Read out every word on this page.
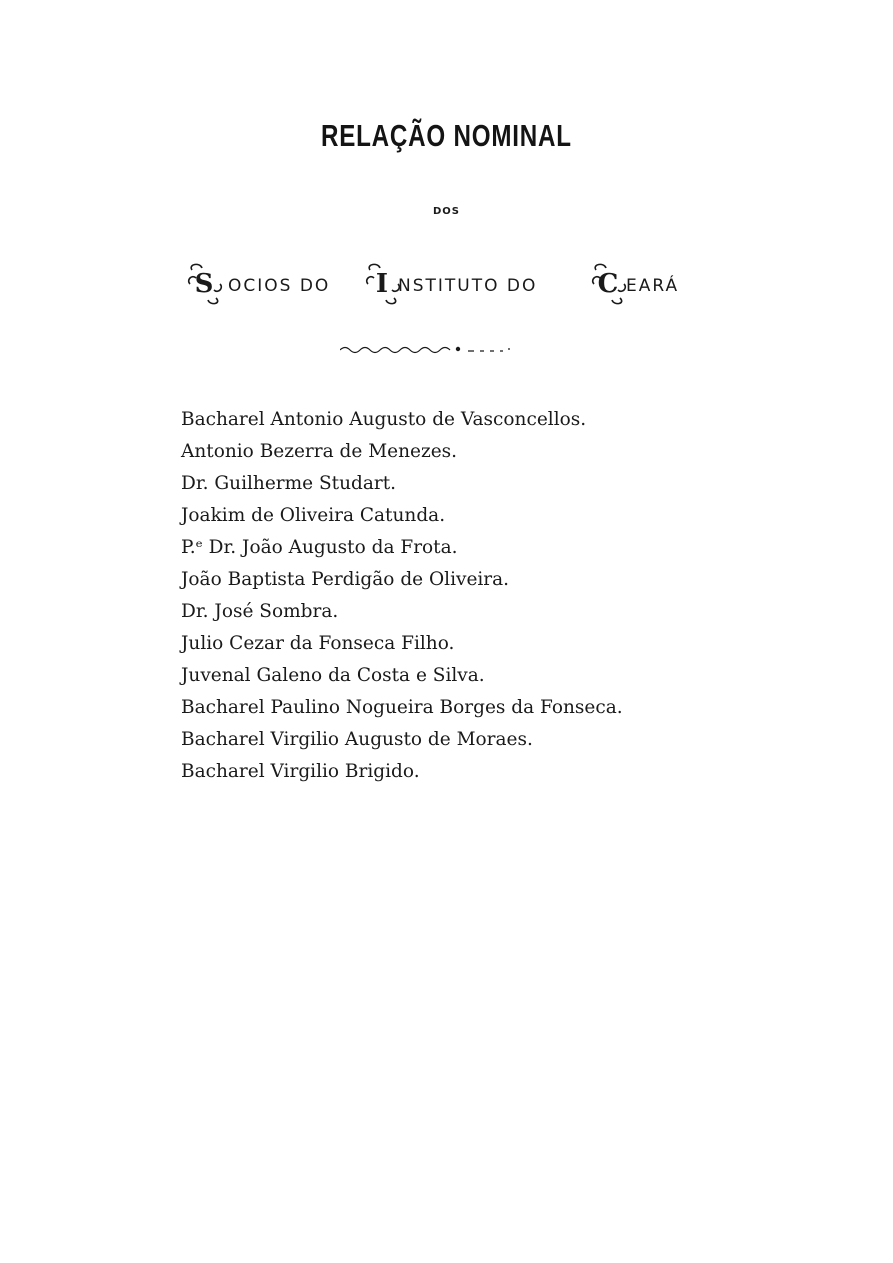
RELAÇÃO NOMINAL
DOS
S OCIOS DO	I NSTITUTO DO C EARÁ
Bacharel Antonio Augusto de Vasconcellos.
Antonio Bezerra de Menezes.
Dr. Guilherme Studart.
Joakim de Oliveira Catunda.
P.ᵉ Dr. João Augusto da Frota.
João Baptista Perdigão de Oliveira.
Dr. José Sombra.
Julio Cezar da Fonseca Filho.
Juvenal Galeno da Costa e Silva.
Bacharel Paulino Nogueira Borges da Fonseca.
Bacharel Virgilio Augusto de Moraes.
Bacharel Virgilio Brigido.
